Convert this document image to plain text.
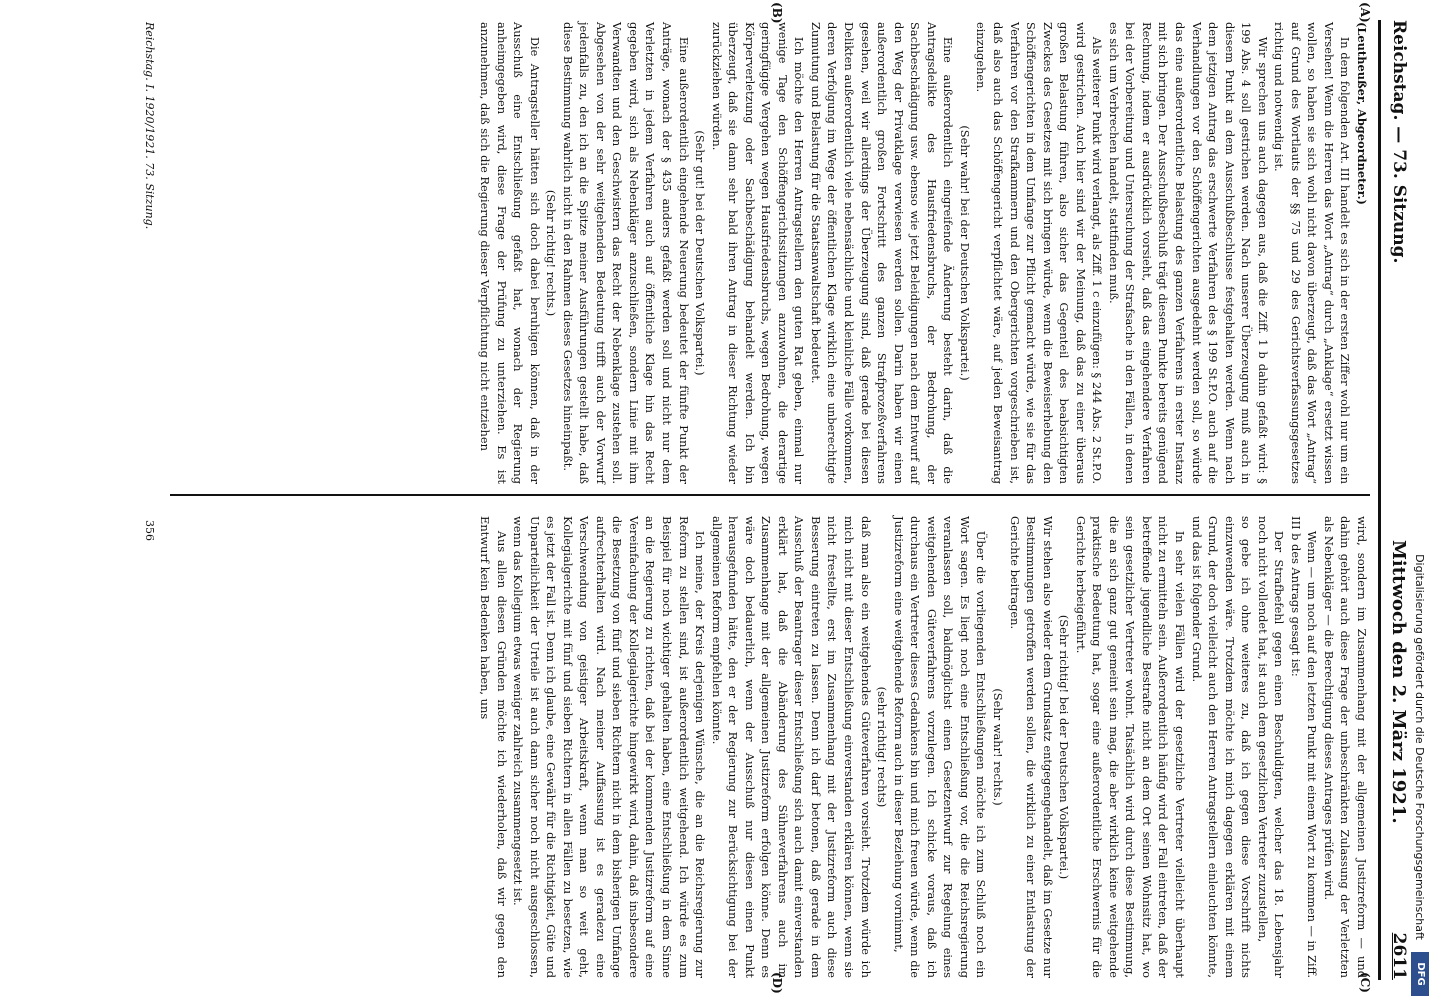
Reichstag. — 73. Sitzung.
Mittwoch den 2. März 1921.
2611
(A)
(B)
(C)
(D)

(Leutheußer, Abgeordneter.)

In dem folgenden Art. III handelt es sich in der ersten Ziffer wohl nur um ein Versehen! Wenn die Herren das Wort „Antrag“ durch „Anklage“ ersetzt wissen wollen, so haben sie sich wohl nicht davon überzeugt, daß das Wort „Antrag“ auf Grund des Wortlauts der §§ 75 und 29 des Gerichtsverfassungsgesetzes richtig und notwendig ist.

Wir sprechen uns auch dagegen aus, daß die Ziff. 1 b dahin gefaßt wird: § 199 Abs. 4 soll gestrichen werden. Nach unserer Überzeugung muß auch in diesem Punkt an dem Ausschußbeschlusse festgehalten werden. Wenn nach dem jetzigen Antrag das erschwerte Verfahren des § 199 St.P.O. auch auf die Verhandlungen vor den Schöffengerichten ausgedehnt werden soll, so würde das eine außerordentliche Belastung des ganzen Verfahrens in erster Instanz mit sich bringen. Der Ausschußbeschluß trägt diesem Punkte bereits genügend Rechnung, indem er ausdrücklich vorsieht, daß das eingehendere Verfahren bei der Vorbereitung und Untersuchung der Strafsache in den Fällen, in denen es sich um Verbrechen handelt, stattfinden muß.

Als weiterer Punkt wird verlangt, als Ziff. 1 c einzufügen: § 244 Abs. 2 St.P.O. wird gestrichen. Auch hier sind wir der Meinung, daß das zu einer überaus großen Belastung führen, also sicher das Gegenteil des beabsichtigten Zweckes des Gesetzes mit sich bringen würde, wenn die Beweiserhebung den Schöffengerichten in dem Umfange zur Pflicht gemacht würde, wie sie für das Verfahren vor den Strafkammern und den Obergerichten vorgeschrieben ist, daß also auch das Schöffengericht verpflichtet wäre, auf jeden Beweisantrag einzugehen.

(Sehr wahr! bei der Deutschen Volkspartei.)

Eine außerordentlich eingreifende Änderung besteht darin, daß die Antragsdelikte des Hausfriedensbruchs, der Bedrohung, der Sachbeschädigung usw. ebenso wie jetzt Beleidigungen nach dem Entwurf auf den Weg der Privatklage verwiesen werden sollen. Darin haben wir einen außerordentlich großen Fortschritt des ganzen Strafprozeßverfahrens gesehen, weil wir allerdings der Überzeugung sind, daß gerade bei diesen Delikten außerordentlich viele nebensächliche und kleinliche Fälle vorkommen, deren Verfolgung im Wege der öffentlichen Klage wirklich eine unberechtigte Zumutung und Belastung für die Staatsanwaltschaft bedeutet.

Ich möchte den Herren Antragstellern den guten Rat geben, einmal nur wenige Tage den Schöffengerichtssitzungen anzuwohnen, die derartige geringfügige Vergehen wegen Hausfriedensbruchs, wegen Bedrohung, wegen Körperverletzung oder Sachbeschädigung behandelt werden. Ich bin überzeugt, daß sie dann sehr bald ihren Antrag in dieser Richtung wieder zurückziehen würden.

(Sehr gut! bei der Deutschen Volkspartei.)

Eine außerordentlich eingehende Neuerung bedeutet der fünfte Punkt der Anträge, wonach der § 435 anders gefaßt werden soll und nicht nur dem Verletzten in jedem Verfahren auch auf öffentliche Klage hin das Recht gegeben wird, sich als Nebenkläger anzuschließen, sondern Linie mit ihm Verwandten und den Geschwistern das Recht der Nebenklage zustehen soll. Abgesehen von der sehr weitgehenden Bedeutung trifft auch der Vorwurf jedenfalls zu, den ich an die Spitze meiner Ausführungen gestellt habe, daß diese Bestimmung wahrlich nicht in den Rahmen dieses Gesetzes hineinpaßt.

(Sehr richtig! rechts.)

Die Antragsteller hätten sich doch dabei beruhigen können, daß in der Ausschuß eine Entschließung gefaßt hat, wonach der Regierung anheimgegeben wird, diese Frage der Prüfung zu unterziehen. Es ist anzunehmen, daß sich die Regierung dieser Verpflichtung nicht entziehen

wird, sondern im Zusammenhang mit der allgemeinen Justizreform — und dahin gehört auch diese Frage der unbeschränkten Zulassung der Verletzten als Nebenkläger — die Berechtigung dieses Antrages prüfen wird.

Wenn — um noch auf den letzten Punkt mit einem Wort zu kommen — in Ziff. III b des Antrags gesagt ist:

Der Strafbefehl gegen einen Beschuldigten, welcher das 18. Lebensjahr noch nicht vollendet hat, ist auch dem gesetzlichen Vertreter zuzustellen,

so gebe ich ohne weiteres zu, daß ich gegen diese Vorschrift nichts einzuwenden wäre. Trotzdem möchte ich mich dagegen erklären mit einem Grund, der doch vielleicht auch den Herren Antragstellern einleuchten könnte, und das ist folgender Grund.

In sehr vielen Fällen wird der gesetzliche Vertreter vielleicht überhaupt nicht zu ermitteln sein. Außerordentlich häufig wird der Fall eintreten, daß der betreffende jugendliche Bestrafte nicht an dem Ort seinen Wohnsitz hat, wo sein gesetzlicher Vertreter wohnt. Tatsächlich wird durch diese Bestimmung, die an sich ganz gut gemeint sein mag, die aber wirklich keine weitgehende praktische Bedeutung hat, sogar eine außerordentliche Erschwernis für die Gerichte herbeigeführt.

(Sehr richtig! bei der Deutschen Volkspartei.)

Wir stehen also wieder dem Grundsatz entgegengehandelt, daß im Gesetze nur Bestimmungen getroffen werden sollen, die wirklich zu einer Entlastung der Gerichte beitragen.

(Sehr wahr! rechts.)

Über die vorliegenden Entschließungen möchte ich zum Schluß noch ein Wort sagen. Es liegt noch eine Entschließung vor, die die Reichsregierung veranlassen soll, baldmöglichst einen Gesetzentwurf zur Regelung eines weitgehenden Güteverfahrens vorzulegen. Ich schicke voraus, daß ich durchaus ein Vertreter dieses Gedankens bin und mich freuen würde, wenn die Justizreform eine weitgehende Reform auch in dieser Beziehung vornimmt,

(sehr richtig! rechts)

daß man also ein weitgehendes Güteverfahren vorsieht. Trotzdem würde ich mich nicht mit dieser Entschließung einverstanden erklären können, wenn sie nicht frestellte, erst im Zusammenhang mit der Justizreform auch diese Besserung eintreten zu lassen. Denn ich darf betonen, daß gerade in dem Ausschuß der Beantrager dieser Entschließung sich auch damit einverstanden erklärt hat, daß die Abänderung des Sühneverfahrens auch im Zusammenhange mit der allgemeinen Justizreform erfolgen könne. Denn es wäre doch bedauerlich, wenn der Ausschuß nur diesen einen Punkt herausgefunden hätte, den er der Regierung zur Berücksichtigung bei der allgemeinen Reform empfehlen könnte.

Ich meine, der Kreis derjenigen Wünsche, die an die Reichsregierung zur Reform zu stellen sind, ist außerordentlich weitgehend. Ich würde es zum Beispiel für noch wichtiger gehalten haben, eine Entschließung in dem Sinne an die Regierung zu richten, daß bei der kommenden Justizreform auf eine Vereinfachung der Kollegialgerichte hingewirkt wird, dahin, daß insbesondere die Besetzung von fünf und sieben Richtern nicht in dem bisherigen Umfange aufrechterhalten wird. Nach meiner Auffassung ist es geradezu eine Verschwendung von geistiger Arbeitskraft, wenn man so weit geht, Kollegialgerichte mit fünf und sieben Richtern in allen Fällen zu besetzen, wie es jetzt der Fall ist. Denn ich glaube, eine Gewähr für die Richtigkeit, Güte und Unparteilichkeit der Urteile ist auch dann sicher noch nicht ausgeschlossen, wenn das Kollegium etwas weniger zahlreich zusammengesetzt ist.

Aus allen diesen Gründen möchte ich wiederholen, daß wir gegen den Entwurf kein Bedenken haben, uns

Reichstag. I. 1920/1921. 73. Sitzung.
356
Digitalisierung gefördert durch die Deutsche Forschungsgemeinschaft
DFG
